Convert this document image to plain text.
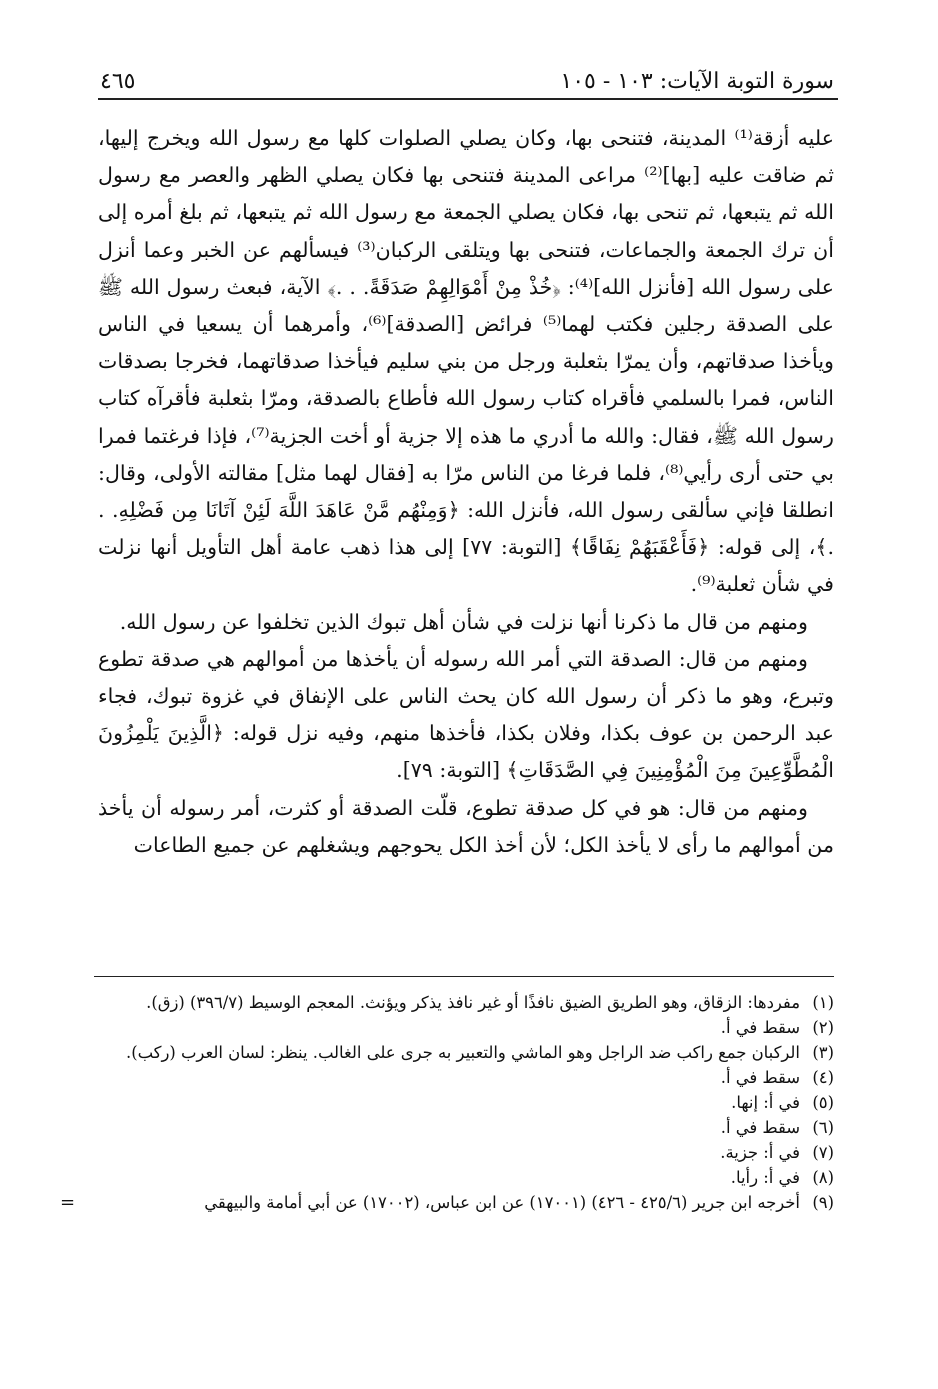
سورة التوبة الآيات: ١٠٣ - ١٠٥
٤٦٥

عليه أزقة⁽¹⁾ المدينة، فتنحى بها، وكان يصلي الصلوات كلها مع رسول الله ويخرج إليها، ثم ضاقت عليه [بها]⁽²⁾ مراعى المدينة فتنحى بها فكان يصلي الظهر والعصر مع رسول الله ثم يتبعها، ثم تنحى بها، فكان يصلي الجمعة مع رسول الله ثم يتبعها، ثم بلغ أمره إلى أن ترك الجمعة والجماعات، فتنحى بها ويتلقى الركبان⁽³⁾ فيسألهم عن الخبر وعما أنزل على رسول الله [فأنزل الله]⁽⁴⁾: ﴿خُذْ مِنْ أَمْوَالِهِمْ صَدَقَةً. . .﴾ الآية، فبعث رسول الله ﷺ على الصدقة رجلين فكتب لهما⁽⁵⁾ فرائض [الصدقة]⁽⁶⁾، وأمرهما أن يسعيا في الناس ويأخذا صدقاتهم، وأن يمرّا بثعلبة ورجل من بني سليم فيأخذا صدقاتهما، فخرجا بصدقات الناس، فمرا بالسلمي فأقراه كتاب رسول الله فأطاع بالصدقة، ومرّا بثعلبة فأقرآه كتاب رسول الله ﷺ، فقال: والله ما أدري ما هذه إلا جزية أو أخت الجزية⁽⁷⁾، فإذا فرغتما فمرا بي حتى أرى رأيي⁽⁸⁾، فلما فرغا من الناس مرّا به [فقال لهما مثل] مقالته الأولى، وقال: انطلقا فإني سألقى رسول الله، فأنزل الله: ﴿وَمِنْهُم مَّنْ عَاهَدَ اللَّهَ لَئِنْ آتَانَا مِن فَضْلِهِ. . .﴾، إلى قوله: ﴿فَأَعْقَبَهُمْ نِفَاقًا﴾ [التوبة: ٧٧] إلى هذا ذهب عامة أهل التأويل أنها نزلت في شأن ثعلبة⁽⁹⁾.

ومنهم من قال ما ذكرنا أنها نزلت في شأن أهل تبوك الذين تخلفوا عن رسول الله.

ومنهم من قال: الصدقة التي أمر الله رسوله أن يأخذها من أموالهم هي صدقة تطوع وتبرع، وهو ما ذكر أن رسول الله كان يحث الناس على الإنفاق في غزوة تبوك، فجاء عبد الرحمن بن عوف بكذا، وفلان بكذا، فأخذها منهم، وفيه نزل قوله: ﴿الَّذِينَ يَلْمِزُونَ الْمُطَّوِّعِينَ مِنَ الْمُؤْمِنِينَ فِي الصَّدَقَاتِ﴾ [التوبة: ٧٩].

ومنهم من قال: هو في كل صدقة تطوع، قلّت الصدقة أو كثرت، أمر رسوله أن يأخذ من أموالهم ما رأى لا يأخذ الكل؛ لأن أخذ الكل يحوجهم ويشغلهم عن جميع الطاعات

(١)
مفردها: الزقاق، وهو الطريق الضيق نافذًا أو غير نافذ يذكر ويؤنث. المعجم الوسيط (٣٩٦/٧) (زق).
(٢)
سقط في أ.
(٣)
الركبان جمع راكب ضد الراجل وهو الماشي والتعبير به جرى على الغالب. ينظر: لسان العرب (ركب).
(٤)
سقط في أ.
(٥)
في أ: إنها.
(٦)
سقط في أ.
(٧)
في أ: جزية.
(٨)
في أ: رأيا.
(٩)
أخرجه ابن جرير (٤٢٥/٦ - ٤٢٦) (١٧٠٠١) عن ابن عباس، (١٧٠٠٢) عن أبي أمامة والبيهقي
=
